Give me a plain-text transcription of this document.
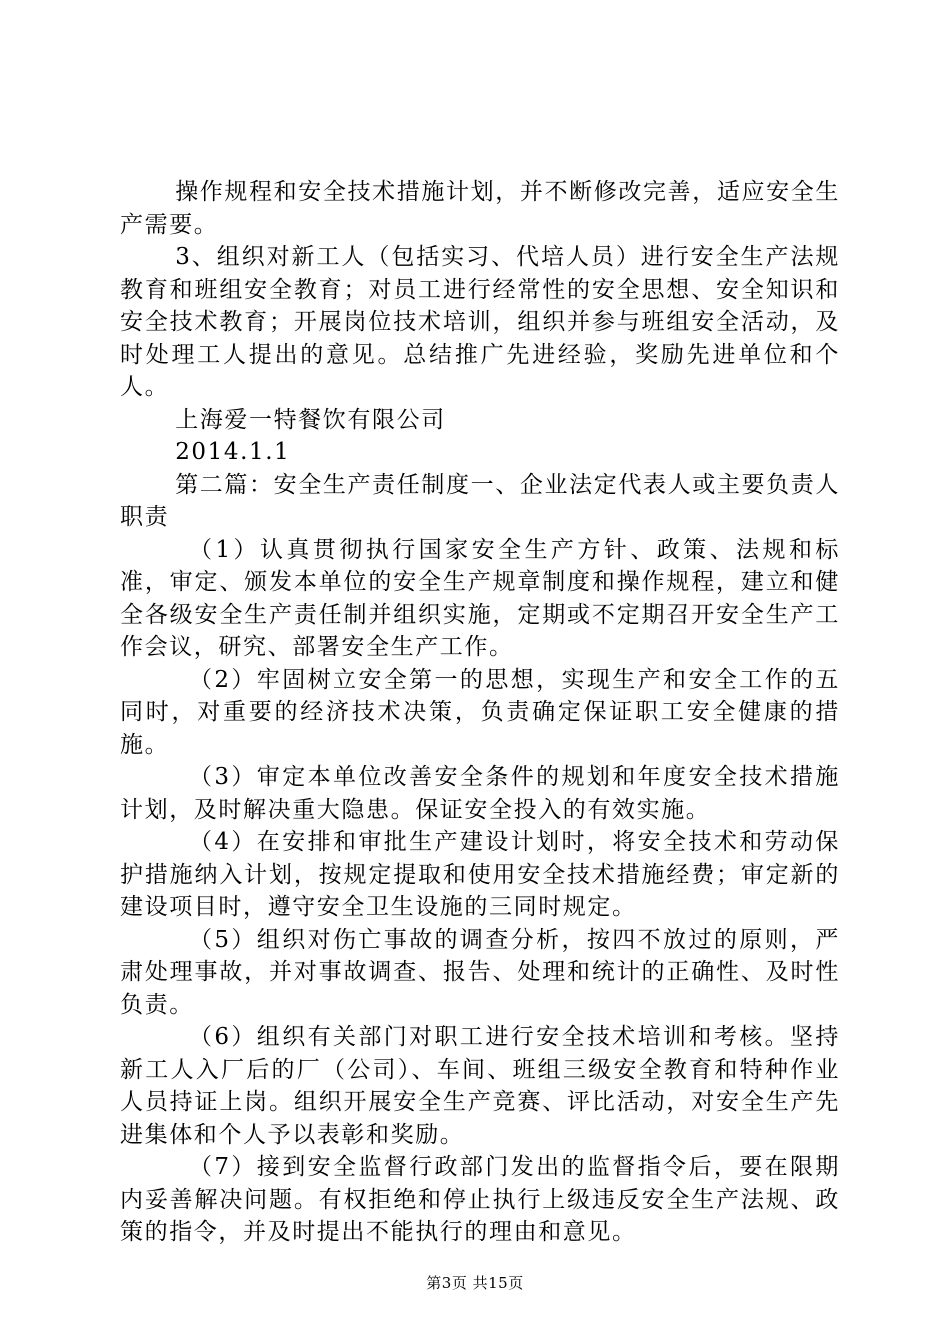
操作规程和安全技术措施计划，并不断修改完善，适应安全生产需要。

3、组织对新工人（包括实习、代培人员）进行安全生产法规教育和班组安全教育；对员工进行经常性的安全思想、安全知识和安全技术教育；开展岗位技术培训，组织并参与班组安全活动，及时处理工人提出的意见。总结推广先进经验，奖励先进单位和个人。

上海爱一特餐饮有限公司

2014.1.1

第二篇：安全生产责任制度一、企业法定代表人或主要负责人职责

（1）认真贯彻执行国家安全生产方针、政策、法规和标准，审定、颁发本单位的安全生产规章制度和操作规程，建立和健全各级安全生产责任制并组织实施，定期或不定期召开安全生产工作会议，研究、部署安全生产工作。

（2）牢固树立安全第一的思想，实现生产和安全工作的五同时，对重要的经济技术决策，负责确定保证职工安全健康的措施。

（3）审定本单位改善安全条件的规划和年度安全技术措施计划，及时解决重大隐患。保证安全投入的有效实施。

（4）在安排和审批生产建设计划时，将安全技术和劳动保护措施纳入计划，按规定提取和使用安全技术措施经费；审定新的建设项目时，遵守安全卫生设施的三同时规定。

（5）组织对伤亡事故的调查分析，按四不放过的原则，严肃处理事故，并对事故调查、报告、处理和统计的正确性、及时性负责。

（6）组织有关部门对职工进行安全技术培训和考核。坚持新工人入厂后的厂（公司）、车间、班组三级安全教育和特种作业人员持证上岗。组织开展安全生产竞赛、评比活动，对安全生产先进集体和个人予以表彰和奖励。

（7）接到安全监督行政部门发出的监督指令后，要在限期内妥善解决问题。有权拒绝和停止执行上级违反安全生产法规、政策的指令，并及时提出不能执行的理由和意见。

第3页 共15页
